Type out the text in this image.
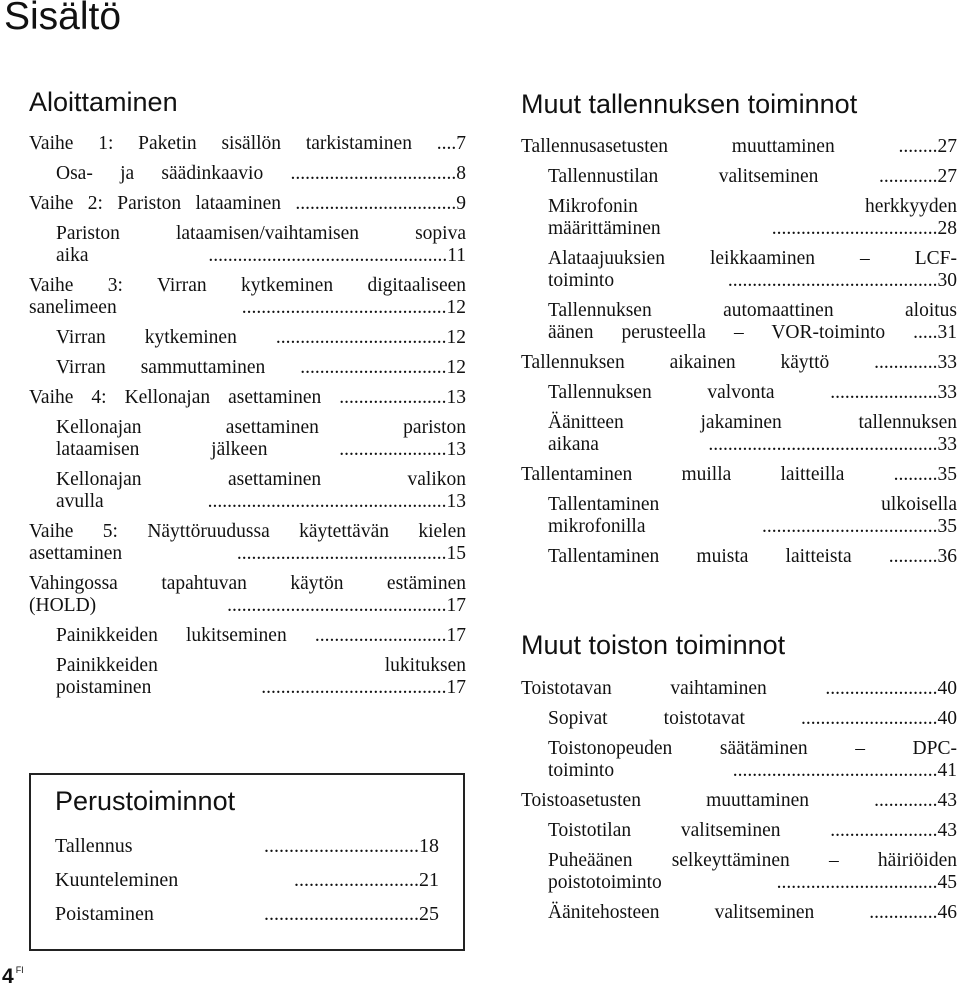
Sisältö
Aloittaminen
Vaihe 1: Paketin sisällön tarkistaminen ....7
Osa- ja säädinkaavio ..................................8
Vaihe 2: Pariston lataaminen .................................9
Pariston lataamisen/vaihtamisen sopiva
aika .................................................11
Vaihe 3: Virran kytkeminen digitaaliseen
sanelimeen ..........................................12
Virran kytkeminen ...................................12
Virran sammuttaminen ..............................12
Vaihe 4: Kellonajan asettaminen ......................13
Kellonajan asettaminen pariston
lataamisen jälkeen ......................13
Kellonajan asettaminen valikon
avulla .................................................13
Vaihe 5: Näyttöruudussa käytettävän kielen
asettaminen ...........................................15
Vahingossa tapahtuvan käytön estäminen
(HOLD) .............................................17
Painikkeiden lukitseminen ...........................17
Painikkeiden lukituksen
poistaminen ......................................17
Perustoiminnot
Tallennus ...............................18
Kuunteleminen .........................21
Poistaminen ...............................25
Muut tallennuksen toiminnot
Tallennusasetusten muuttaminen ........27
Tallennustilan valitseminen ............27
Mikrofonin herkkyyden
määrittäminen ..................................28
Alataajuuksien leikkaaminen – LCF-
toiminto ...........................................30
Tallennuksen automaattinen aloitus
äänen perusteella – VOR-toiminto .....31
Tallennuksen aikainen käyttö .............33
Tallennuksen valvonta ......................33
Äänitteen jakaminen tallennuksen
aikana ...............................................33
Tallentaminen muilla laitteilla .........35
Tallentaminen ulkoisella
mikrofonilla ....................................35
Tallentaminen muista laitteista ..........36
Muut toiston toiminnot
Toistotavan vaihtaminen .......................40
Sopivat toistotavat ............................40
Toistonopeuden säätäminen – DPC-
toiminto ..........................................41
Toistoasetusten muuttaminen .............43
Toistotilan valitseminen ......................43
Puheäänen selkeyttäminen – häiriöiden
poistotoiminto .................................45
Äänitehosteen valitseminen ..............46
4 $^{FI}$
